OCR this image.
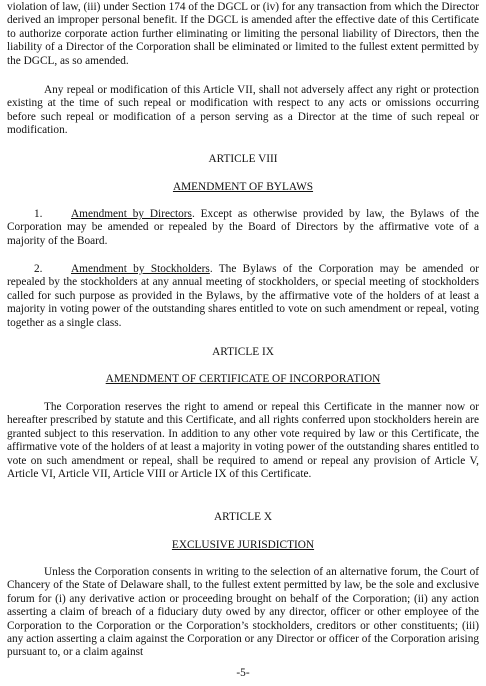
violation of law, (iii) under Section 174 of the DGCL or (iv) for any transaction from which the Director derived an improper personal benefit. If the DGCL is amended after the effective date of this Certificate to authorize corporate action further eliminating or limiting the personal liability of Directors, then the liability of a Director of the Corporation shall be eliminated or limited to the fullest extent permitted by the DGCL, as so amended.

Any repeal or modification of this Article VII, shall not adversely affect any right or protection existing at the time of such repeal or modification with respect to any acts or omissions occurring before such repeal or modification of a person serving as a Director at the time of such repeal or modification.

ARTICLE VIII

AMENDMENT OF BYLAWS

1.	Amendment by Directors. Except as otherwise provided by law, the Bylaws of the Corporation may be amended or repealed by the Board of Directors by the affirmative vote of a majority of the Board.

2.	Amendment by Stockholders. The Bylaws of the Corporation may be amended or repealed by the stockholders at any annual meeting of stockholders, or special meeting of stockholders called for such purpose as provided in the Bylaws, by the affirmative vote of the holders of at least a majority in voting power of the outstanding shares entitled to vote on such amendment or repeal, voting together as a single class.

ARTICLE IX

AMENDMENT OF CERTIFICATE OF INCORPORATION

The Corporation reserves the right to amend or repeal this Certificate in the manner now or hereafter prescribed by statute and this Certificate, and all rights conferred upon stockholders herein are granted subject to this reservation. In addition to any other vote required by law or this Certificate, the affirmative vote of the holders of at least a majority in voting power of the outstanding shares entitled to vote on such amendment or repeal, shall be required to amend or repeal any provision of Article V, Article VI, Article VII, Article VIII or Article IX of this Certificate.

ARTICLE X

EXCLUSIVE JURISDICTION

Unless the Corporation consents in writing to the selection of an alternative forum, the Court of Chancery of the State of Delaware shall, to the fullest extent permitted by law, be the sole and exclusive forum for (i) any derivative action or proceeding brought on behalf of the Corporation; (ii) any action asserting a claim of breach of a fiduciary duty owed by any director, officer or other employee of the Corporation to the Corporation or the Corporation’s stockholders, creditors or other constituents; (iii) any action asserting a claim against the Corporation or any Director or officer of the Corporation arising pursuant to, or a claim against

-5-
